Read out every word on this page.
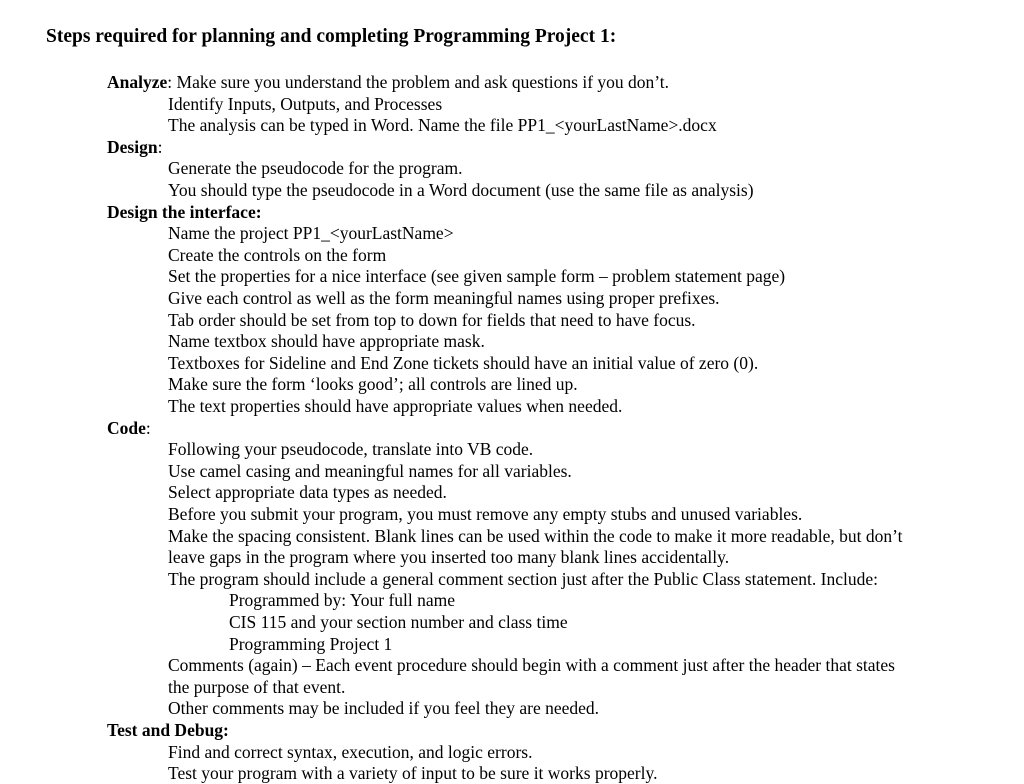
Steps required for planning and completing Programming Project 1:
Analyze: Make sure you understand the problem and ask questions if you don’t.
Identify Inputs, Outputs, and Processes
The analysis can be typed in Word. Name the file PP1_<yourLastName>.docx
Design:
Generate the pseudocode for the program.
You should type the pseudocode in a Word document (use the same file as analysis)
Design the interface:
Name the project PP1_<yourLastName>
Create the controls on the form
Set the properties for a nice interface (see given sample form – problem statement page)
Give each control as well as the form meaningful names using proper prefixes.
Tab order should be set from top to down for fields that need to have focus.
Name textbox should have appropriate mask.
Textboxes for Sideline and End Zone tickets should have an initial value of zero (0).
Make sure the form ‘looks good’; all controls are lined up.
The text properties should have appropriate values when needed.
Code:
Following your pseudocode, translate into VB code.
Use camel casing and meaningful names for all variables.
Select appropriate data types as needed.
Before you submit your program, you must remove any empty stubs and unused variables.
Make the spacing consistent. Blank lines can be used within the code to make it more readable, but don’t
leave gaps in the program where you inserted too many blank lines accidentally.
The program should include a general comment section just after the Public Class statement. Include:
Programmed by: Your full name
CIS 115 and your section number and class time
Programming Project 1
Comments (again) – Each event procedure should begin with a comment just after the header that states
the purpose of that event.
Other comments may be included if you feel they are needed.
Test and Debug:
Find and correct syntax, execution, and logic errors.
Test your program with a variety of input to be sure it works properly.
